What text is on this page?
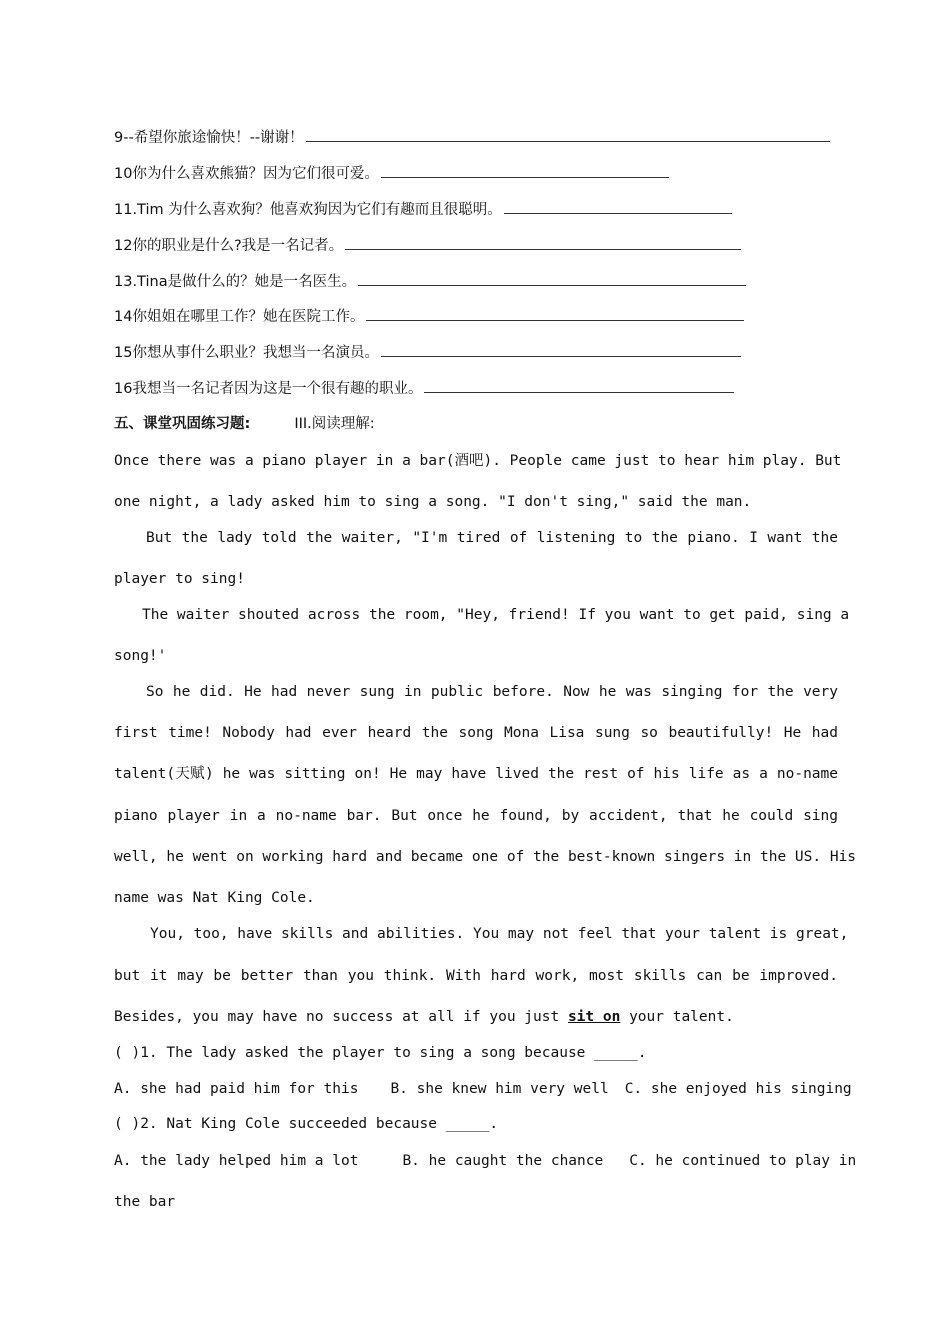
9--希望你旅途愉快！--谢谢！
10你为什么喜欢熊猫？因为它们很可爱。
11.Tim 为什么喜欢狗？他喜欢狗因为它们有趣而且很聪明。
12你的职业是什么?我是一名记者。
13.Tina是做什么的？她是一名医生。
14你姐姐在哪里工作？她在医院工作。
15你想从事什么职业？我想当一名演员。
16我想当一名记者因为这是一个很有趣的职业。
五、课堂巩固练习题:	III.阅读理解:
Once there was a piano player in a bar(酒吧). People came just to hear him play. But
one night, a lady asked him to sing a song. "I don't sing," said the man.
But the lady told the waiter, "I'm tired of listening to the piano. I want the
player to sing!
The waiter shouted across the room, "Hey, friend! If you want to get paid, sing a
song!'
So he did. He had never sung in public before. Now he was singing for the very
first time! Nobody had ever heard the song Mona Lisa sung so beautifully! He had
talent(天赋) he was sitting on! He may have lived the rest of his life as a no-name
piano player in a no-name bar. But once he found, by accident, that he could sing
well, he went on working hard and became one of the best-known singers in the US. His
name was Nat King Cole.
You, too, have skills and abilities. You may not feel that your talent is great,
but it may be better than you think. With hard work, most skills can be improved.
Besides, you may have no success at all if you just sit on your talent.
( )1. The lady asked the player to sing a song because _____.
A. she had paid him for this B. she knew him very well C. she enjoyed his singing
( )2. Nat King Cole succeeded because _____.
A. the lady helped him a lot	B. he caught the chance C. he continued to play in
the bar
